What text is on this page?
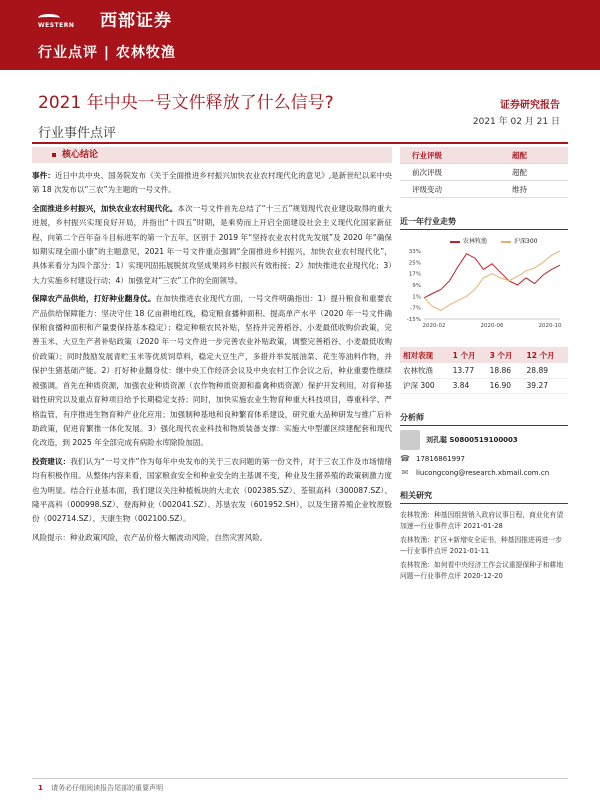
西部证券
WESTERN
行业点评 | 农林牧渔
2021 年中央一号文件释放了什么信号?	证券研究报告
2021 年 02 月 21 日
行业事件点评
核心结论

事件：近日中共中央、国务院发布《关于全面推进乡村振兴加快农业农村现代化的意见》,是新世纪以来中央第 18 次发布以“三农”为主题的一号文件。

全面推进乡村振兴，加快农业农村现代化。本次一号文件首先总结了“十三五”规划现代农业建设取得的重大进展，乡村振兴实现良好开局，并指出“十四五”时期，是乘势而上开启全面建设社会主义现代化国家新征程、向第二个百年奋斗目标进军的第一个五年。区别于 2019 年“坚持农业农村优先发展”及 2020 年“确保如期实现全面小康”的主题意见，2021 年一号文件重点强调“全面推进乡村振兴，加快农业农村现代化”，具体来看分为四个部分：1）实现巩固拓展脱贫攻坚成果同乡村振兴有效衔接；2）加快推进农业现代化；3）大力实施乡村建设行动；4）加强党对“三农”工作的全面领导。

保障农产品供给，打好种业翻身仗。在加快推进农业现代方面，一号文件明确指出：1）提升粮食和重要农产品供给保障能力：坚决守住 18 亿亩耕地红线，稳定粮食播种面积、提高单产水平（2020 年一号文件确保粮食播种面积和产量要保持基本稳定）；稳定种粮农民补贴，坚持并完善稻谷、小麦最低收购价政策，完善玉米、大豆生产者补贴政策（2020 年一号文件进一步完善农业补贴政策，调整完善稻谷、小麦最低收购价政策）；同时鼓励发展青贮玉米等优质饲草料，稳定大豆生产，多措并举发展油菜、花生等油料作物，并保护生猪基础产能。2）打好种业翻身仗：继中央工作经济会议及中央农村工作会议之后，种业重要性继续被强调。首先在种质资源，加强农业种质资源（农作物种质资源和畜禽种质资源）保护开发利用，对育种基础性研究以及重点育种项目给予长期稳定支持；同时，加快实施农业生物育种重大科技项目，尊重科学、严格监管，有序推进生物育种产业化应用；加强制种基地和良种繁育体系建设，研究重大品种研发与推广后补助政策，促进育繁推一体化发展。3）强化现代农业科技和物质装备支撑：实施大中型灌区续建配套和现代化改造，到 2025 年全部完成有病险水库除险加固。

投资建议：我们认为“一号文件”作为每年中央发布的关于三农问题的第一份文件，对于三农工作及市场情绪均有积极作用。从整体内容来看，国家粮食安全和种业安全的主基调不变，种业及生猪养殖的政策刺激力度也为明显。结合行业基本面，我们建议关注种植板块的大北农（002385.SZ）、荃银高科（300087.SZ）、隆平高科（000998.SZ）、登海种业（002041.SZ）、苏垦农发（601952.SH），以及生猪养殖企业牧原股份（002714.SZ）、天康生物（002100.SZ）。

风险提示：种业政策风险，农产品价格大幅波动风险，自然灾害风险。

行业评级	超配
前次评级	超配
评级变动	维持
近一年行业走势
农林牧渔	沪深300
33%
25%
17%
9%
1%
-7%
-15%
2020-02	2020-06	2020-10
相对表现	1 个月	3 个月	12 个月
农林牧渔	13.77	18.86	28.89
沪深 300	3.84	16.90	39.27
分析师
刘孔聪 S0800519100003
☎ 17816861997
✉ liucongcong@research.xbmail.com.cn
相关研究

农林牧渔：种基因组营销入政府议事日程，商业化有望加速—行业事件点评 2021-01-28

农林牧渔：扩区+新增安全证书，种基因推进再进一步—行业事件点评 2021-01-11

农林牧渔：如何看中央经济工作会议重提保种子和耕地问题—行业事件点评 2020-12-20

1 请务必仔细阅读报告尾部的重要声明
